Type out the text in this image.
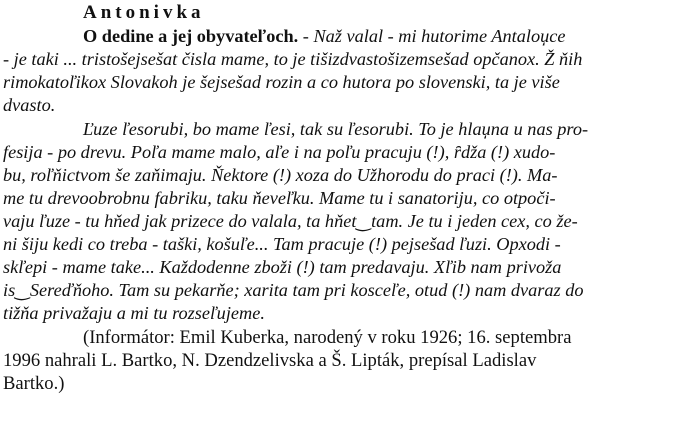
Antonivka
O dedine a jej obyvateľoch. - Naž valal - mi hutorime Antaloџce
- je taki ... tristošejsešat čisla mame, to je tišizdvastošizemsešad opčanox. Ž ňih
rimokatoľikox Slovakoh je šejsešad rozin a co hutora po slovenski, ta je više
dvasto.
Ľuze ľesorubi, bo mame ľesi, tak su ľesorubi. To je hlaџna u nas pro-
fesija - po drevu. Poľa mame malo, aľe i na poľu pracuju (!), ȓdža (!) xudo-
bu, roľňictvom še zaňimaju. Ňektore (!) xoza do Užhorodu do praci (!). Ma-
me tu drevoobrobnu fabriku, taku ňeveľku. Mame tu i sanatoriju, co otpoči-
vaju ľuze - tu hňed jak prizece do valala, ta hňet‿tam. Je tu i jeden cex, co že-
ni šiju kedi co treba - taški, košuľe... Tam pracuje (!) pejsešad ľuzi. Opxodi -
skľepi - mame take... Každodenne zboži (!) tam predavaju. Xľib nam privoža
is‿Sereďňoho. Tam su pekarňe; xarita tam pri koscеľe, otud (!) nam dvaraz do
tižňa privažaju a mi tu rozseľujeme.
(Informátor: Emil Kuberka, narodený v roku 1926; 16. septembra
1996 nahrali L. Bartko, N. Dzendzelivska a Š. Lipták, prepísal Ladislav
Bartko.)
